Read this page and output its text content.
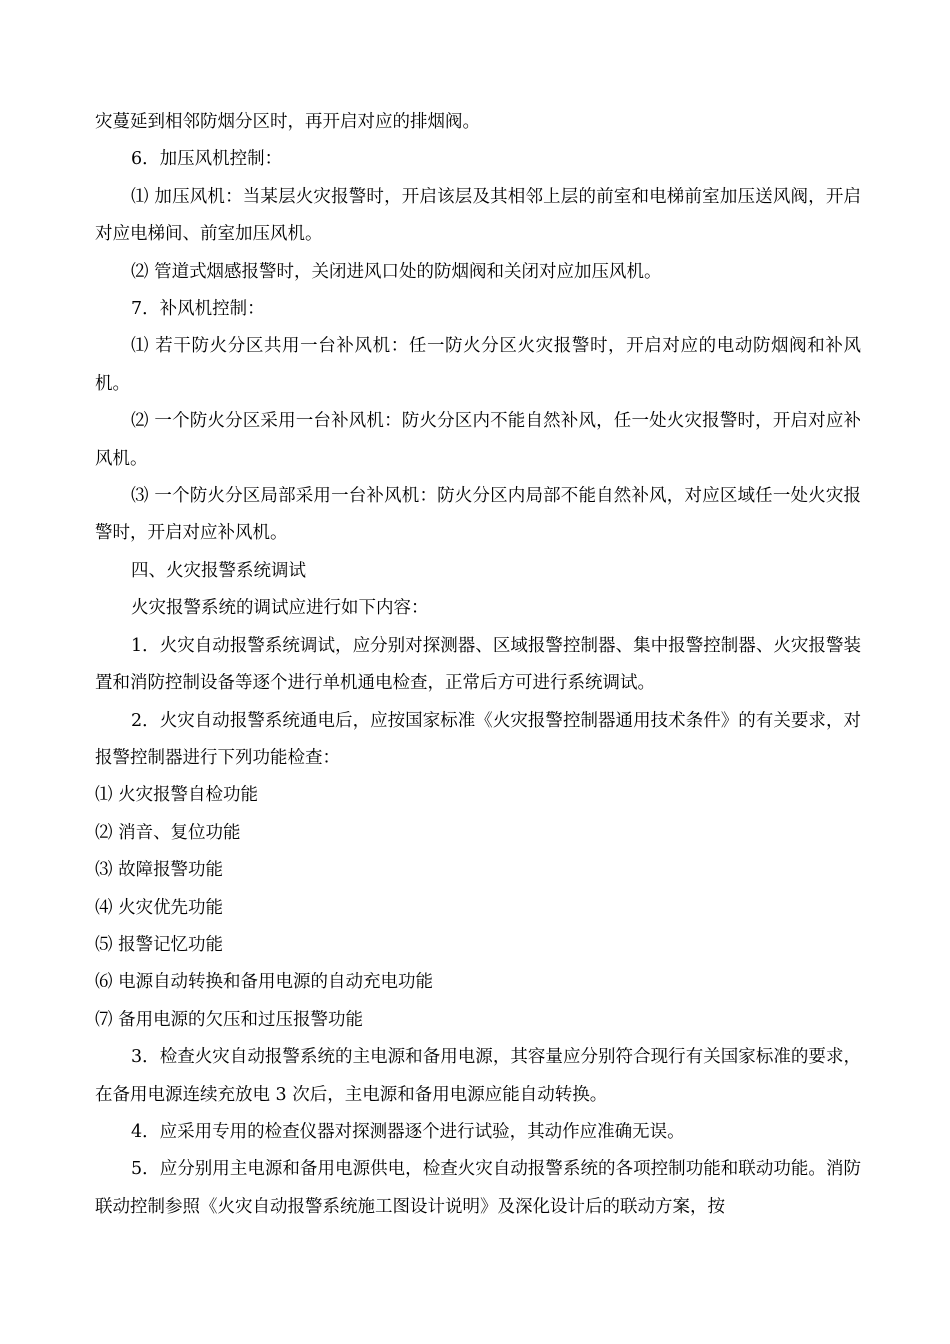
灾蔓延到相邻防烟分区时，再开启对应的排烟阀。

6．加压风机控制：

⑴ 加压风机：当某层火灾报警时，开启该层及其相邻上层的前室和电梯前室加压送风阀，开启对应电梯间、前室加压风机。

⑵ 管道式烟感报警时，关闭进风口处的防烟阀和关闭对应加压风机。

7．补风机控制：

⑴ 若干防火分区共用一台补风机：任一防火分区火灾报警时，开启对应的电动防烟阀和补风机。

⑵ 一个防火分区采用一台补风机：防火分区内不能自然补风，任一处火灾报警时，开启对应补风机。

⑶ 一个防火分区局部采用一台补风机：防火分区内局部不能自然补风，对应区域任一处火灾报警时，开启对应补风机。

四、火灾报警系统调试

火灾报警系统的调试应进行如下内容：

1．火灾自动报警系统调试，应分别对探测器、区域报警控制器、集中报警控制器、火灾报警装置和消防控制设备等逐个进行单机通电检查，正常后方可进行系统调试。

2．火灾自动报警系统通电后，应按国家标准《火灾报警控制器通用技术条件》的有关要求，对报警控制器进行下列功能检查：

⑴ 火灾报警自检功能

⑵ 消音、复位功能

⑶ 故障报警功能

⑷ 火灾优先功能

⑸ 报警记忆功能

⑹ 电源自动转换和备用电源的自动充电功能

⑺ 备用电源的欠压和过压报警功能

3．检查火灾自动报警系统的主电源和备用电源，其容量应分别符合现行有关国家标准的要求，在备用电源连续充放电 3 次后，主电源和备用电源应能自动转换。

4．应采用专用的检查仪器对探测器逐个进行试验，其动作应准确无误。

5．应分别用主电源和备用电源供电，检查火灾自动报警系统的各项控制功能和联动功能。消防联动控制参照《火灾自动报警系统施工图设计说明》及深化设计后的联动方案，按
